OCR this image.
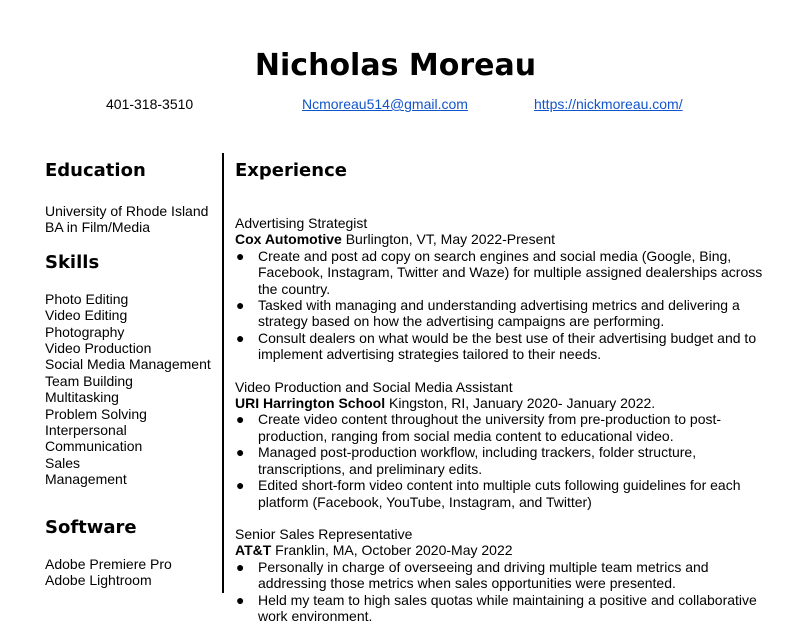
Nicholas Moreau
401-318-3510	Ncmoreau514@gmail.com	https://nickmoreau.com/
Education
University of Rhode Island
BA in Film/Media
Skills
Photo Editing
Video Editing
Photography
Video Production
Social Media Management
Team Building
Multitasking
Problem Solving
Interpersonal
Communication
Sales
Management
Software
Adobe Premiere Pro
Adobe Lightroom
Experience
Advertising Strategist
Cox Automotive Burlington, VT, May 2022-Present
● Create and post ad copy on search engines and social media (Google, Bing, Facebook, Instagram, Twitter and Waze) for multiple assigned dealerships across the country.
● Tasked with managing and understanding advertising metrics and delivering a strategy based on how the advertising campaigns are performing.
● Consult dealers on what would be the best use of their advertising budget and to implement advertising strategies tailored to their needs.
Video Production and Social Media Assistant
URI Harrington School Kingston, RI, January 2020- January 2022.
● Create video content throughout the university from pre-production to post-production, ranging from social media content to educational video.
● Managed post-production workflow, including trackers, folder structure, transcriptions, and preliminary edits.
● Edited short-form video content into multiple cuts following guidelines for each platform (Facebook, YouTube, Instagram, and Twitter)
Senior Sales Representative
AT&T Franklin, MA, October 2020-May 2022
● Personally in charge of overseeing and driving multiple team metrics and addressing those metrics when sales opportunities were presented.
● Held my team to high sales quotas while maintaining a positive and collaborative work environment.
